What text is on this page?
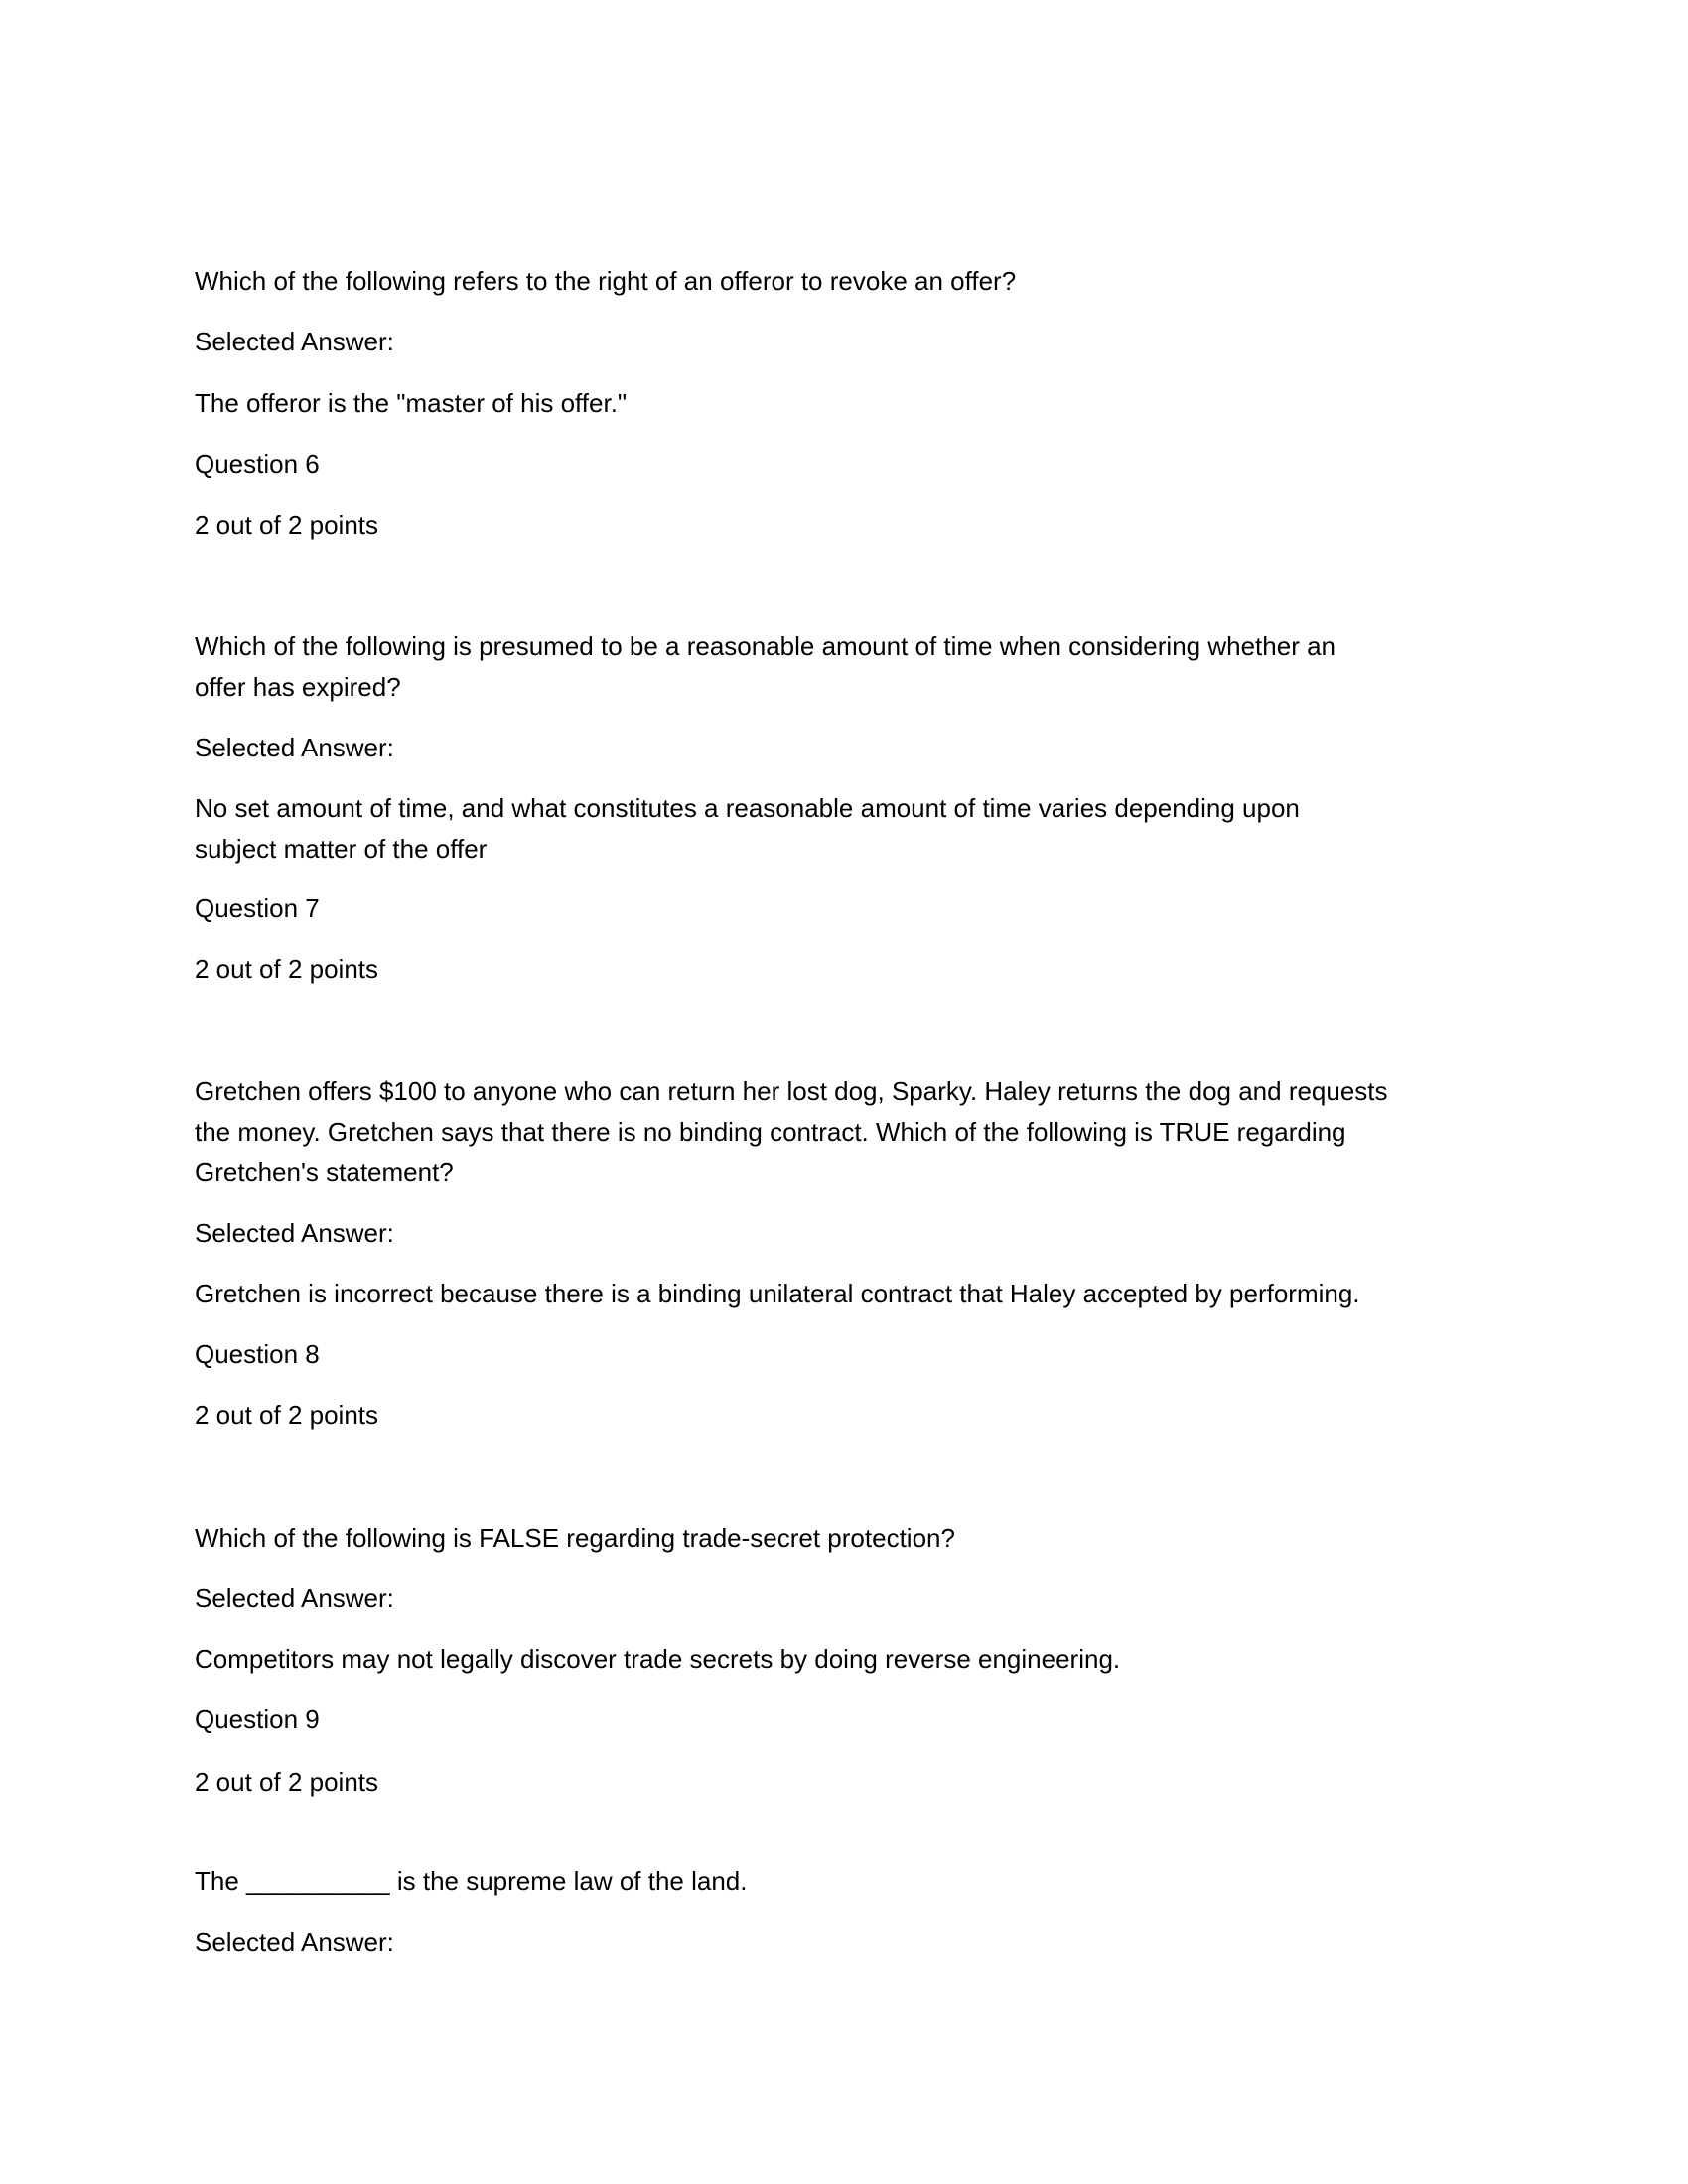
Which of the following refers to the right of an offeror to revoke an offer?
Selected Answer:
The offeror is the "master of his offer."
Question 6
2 out of 2 points
Which of the following is presumed to be a reasonable amount of time when considering whether an
offer has expired?
Selected Answer:
No set amount of time, and what constitutes a reasonable amount of time varies depending upon
subject matter of the offer
Question 7
2 out of 2 points
Gretchen offers $100 to anyone who can return her lost dog, Sparky. Haley returns the dog and requests
the money. Gretchen says that there is no binding contract. Which of the following is TRUE regarding
Gretchen's statement?
Selected Answer:
Gretchen is incorrect because there is a binding unilateral contract that Haley accepted by performing.
Question 8
2 out of 2 points
Which of the following is FALSE regarding trade-secret protection?
Selected Answer:
Competitors may not legally discover trade secrets by doing reverse engineering.
Question 9
2 out of 2 points
The __________ is the supreme law of the land.
Selected Answer:
